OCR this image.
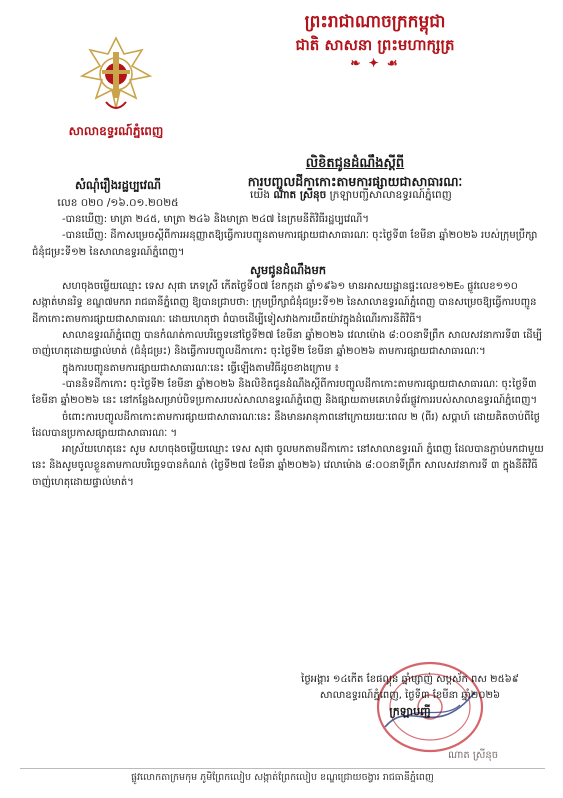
ព្រះរាជាណាចក្រកម្ពុជា
ជាតិ សាសនា ព្រះមហាក្សត្រ
❧ ✦ ☙
សាលាឧទ្ធរណ៍ភ្នំពេញ
លិខិតជូនដំណឹងស្តីពី
ការបញ្ចូលដីកាកោះតាមការផ្សាយជាសាធារណៈ
សំណុំរឿងរដ្ឋប្បវេណី
លេខ ០២០ /១៦.០១.២០២៥
យើង ណាត ស្រីនុច ក្រឡាបញ្ជីសាលាឧទ្ធរណ៍ភ្នំពេញ

-បានឃើញ: មាត្រា ២៤៥, មាត្រា ២៤៦ និងមាត្រា ២៤៧ នៃក្រមនីតិវិធីរដ្ឋប្បវេណី។

-បានឃើញ: ដីកាសម្រេចស្តីពីការអនុញ្ញាតឱ្យធ្វើការបញ្ជូនតាមការផ្សាយជាសាធារណៈ ចុះថ្ងៃទី៣ ខែមីនា ឆ្នាំ២០២៦ របស់ក្រុមប្រឹក្សាជំនុំជម្រះទី១២ នៃសាលាឧទ្ធរណ៍ភ្នំពេញ។

សូមជូនដំណឹងមក

សហចុងចម្លើយឈ្មោះ ទេស សុផា ភេទស្រី កើតថ្ងៃទី០៧ ខែកក្កដា ឆ្នាំ១៩៦១ មានអាសយដ្ឋានផ្ទះលេខ១២E₀ ផ្លូវលេខ១១០ សង្កាត់មានរិទ្ធ ខណ្ឌ៧មករា រាជធានីភ្នំពេញ ឱ្យបានជ្រាបថា: ក្រុមប្រឹក្សាជំនុំជម្រះទី១២ នៃសាលាឧទ្ធរណ៍ភ្នំពេញ បានសម្រេចឱ្យធ្វើការបញ្ជូនដីកាកោះតាមការផ្សាយជាសាធារណៈ ដោយហេតុថា ពំបាចដើម្បីទៀសវាងការយឺតយ៉ាវក្នុងដំណើរការនីតិវិធី។

សាលាឧទ្ធរណ៍ភ្នំពេញ បានកំណត់កាលបរិច្ឆេទនៅថ្ងៃទី២៧ ខែមីនា ឆ្នាំ២០២៦ វេលាម៉ោង ៨:០០នាទីព្រឹក សាលសវនាការទី៣ ដើម្បីចាញ់ហេតុដោយផ្ទាល់មាត់ (ជំនុំជម្រះ) និងធ្វើការបញ្ចូលដីកាកោះ ចុះថ្ងៃទី២ ខែមីនា ឆ្នាំ២០២៦ តាមការផ្សាយជាសាធារណៈ។

ក្នុងការបញ្ជូនតាមការផ្សាយជាសាធារណៈនេះ ធ្វើឡើងតាមវិធីដូចខាងក្រោម ៖

-បាននិទដីកាកោះ ចុះថ្ងៃទី២ ខែមីនា ឆ្នាំ២០២៦ និងលិខិតជូនដំណឹងស្តីពីការបញ្ចូលដីកាកោះតាមការផ្សាយជាសាធារណៈ ចុះថ្ងៃទី៣ ខែមីនា ឆ្នាំ២០២៦ នេះ នៅកន្លែងសម្រាប់បិទប្រកាសរបស់សាលាឧទ្ធរណ៍ភ្នំពេញ និងផ្សាយតាមគេហទំព័រផ្លូវការរបស់សាលាឧទ្ធរណ៍ភ្នំពេញ។

ចំពោះការបញ្ចូលដីកាកោះតាមការផ្សាយជាសាធារណៈនេះ នឹងមានអានុភាពនៅក្រោយរយៈពេល ២ (ពីរ) សប្តាហ៍ ដោយគិតចាប់ពីថ្ងៃដែលបានប្រកាសផ្សាយជាសាធារណៈ ។

អាស្រ័យហេតុនេះ សូម សហចុងចម្លើយឈ្មោះ ទេស សុផា ចូលមកតាមដីកាកោះ នៅសាលាឧទ្ធរណ៍ ភ្នំពេញ ដែលបានភ្ជាប់មកជាមួយនេះ និងសូមចូលខ្លួនតាមកាលបរិច្ឆេទបានកំណត់ (ថ្ងៃទី២៧ ខែមីនា ឆ្នាំ២០២៦) វេលាម៉ោង ៨:០០នាទីព្រឹក សាលសវនាការទី ៣ ក្នុងនីតិវិធីចាញ់ហេតុដោយផ្ទាល់មាត់។

ថ្ងៃអង្គារ ១៤កើត ខែផល្គុន ឆ្នាំម្សាញ់ សប្តស័ក ពស ២៥៦៩
សាលាឧទ្ធរណ៍ភ្នំពេញ, ថ្ងៃទី៣ ខែមីនា ឆ្នាំ២០២៦
ក្រឡាបញ្ជី
ណាត ស្រីនុច
ផ្លូវលោកតាក្រមកុម ភូមិព្រែកលៀប សង្កាត់ព្រែកលៀប ខណ្ឌជ្រោយចង្វារ រាជធានីភ្នំពេញ
